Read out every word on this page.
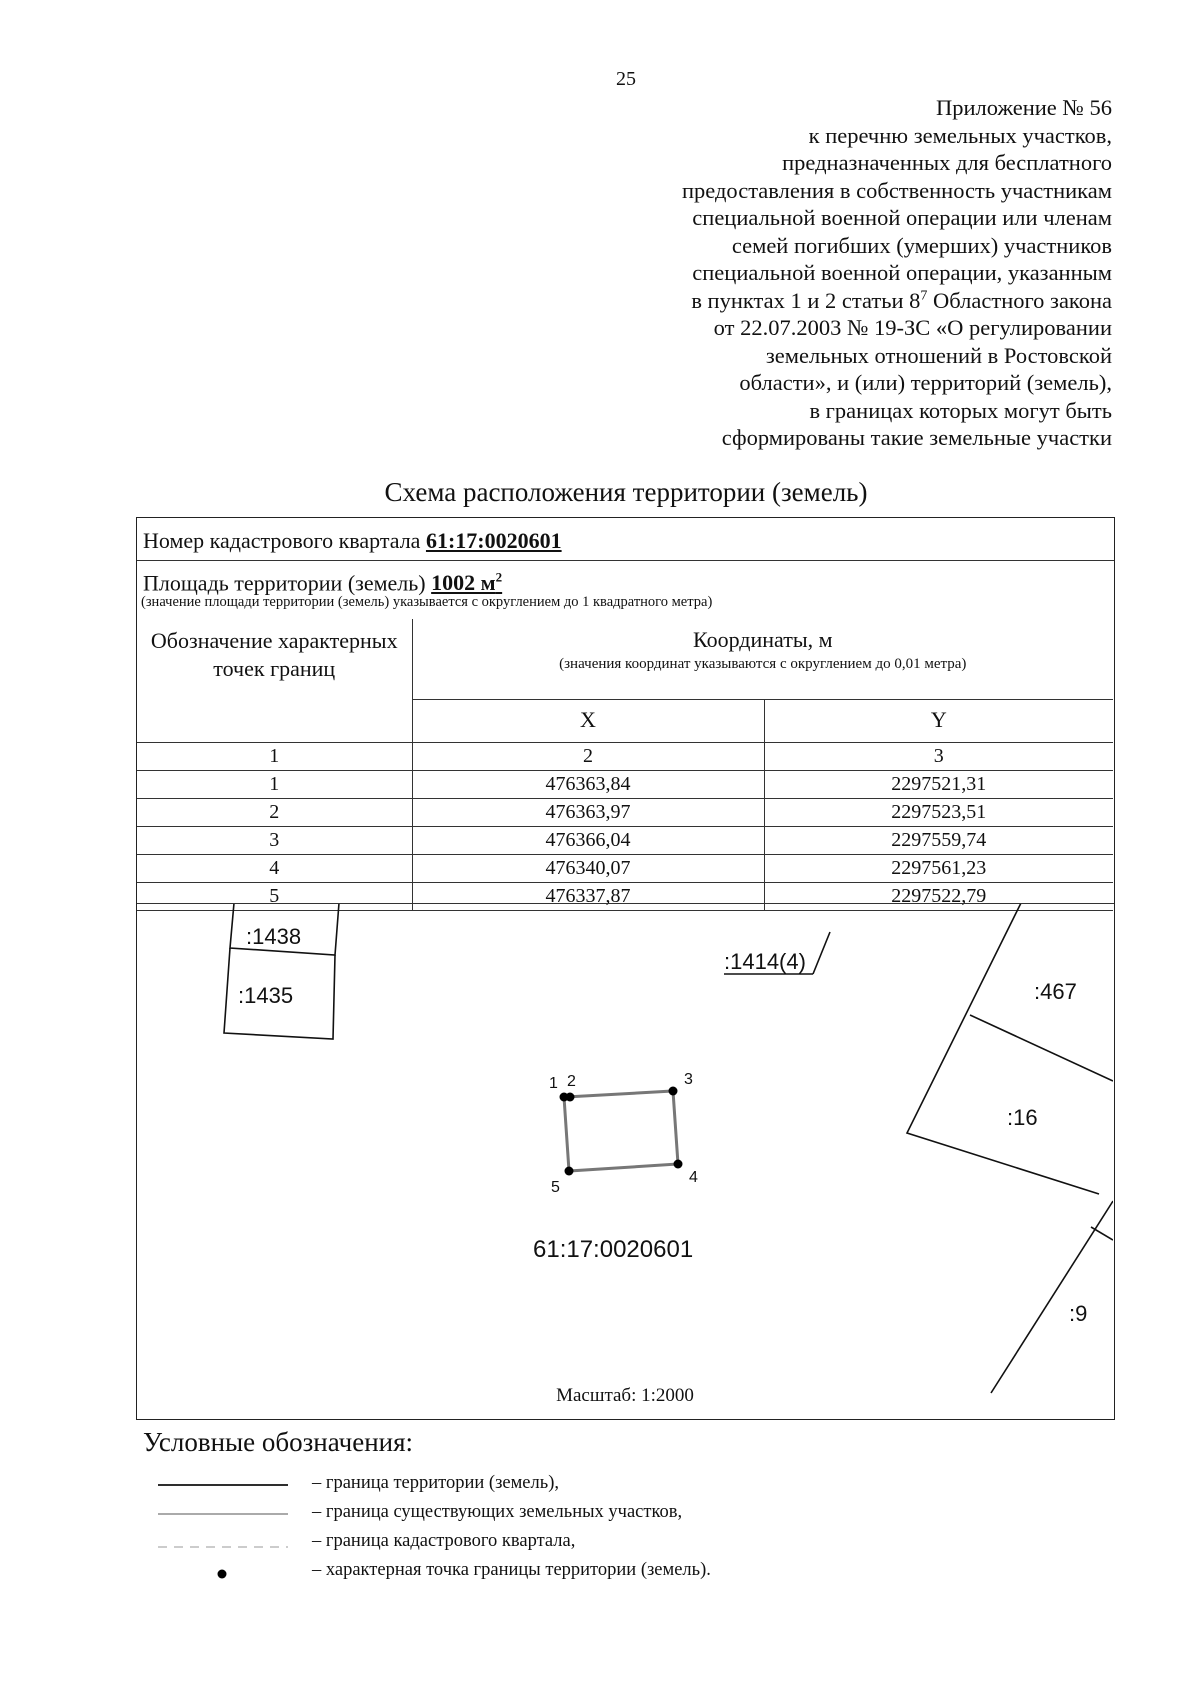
25
Приложение № 56
к перечню земельных участков,
предназначенных для бесплатного
предоставления в собственность участникам
специальной военной операции или членам
семей погибших (умерших) участников
специальной военной операции, указанным
в пунктах 1 и 2 статьи $8^7$ Областного закона
от 22.07.2003 № 19-ЗС «О регулировании
земельных отношений в Ростовской
области», и (или) территорий (земель),
в границах которых могут быть
сформированы такие земельные участки
Схема расположения территории (земель)
Номер кадастрового квартала 61:17:0020601
Площадь территории (земель) 1002 $м^2$
(значение площади территории (земель) указывается с округлением до 1 квадратного метра)
Обозначение характерных точек границ	Координаты, м
(значения координат указываются с округлением до 0,01 метра)	

	X	Y
1	2	3
1	476363,84	2297521,31
2	476363,97	2297523,51
3	476366,04	2297559,74
4	476340,07	2297561,23
5	476337,87	2297522,79
:1438
:1435
:1414(4)
:467
:16
:9
1 2	3
4
5
61:17:0020601
Масштаб: 1:2000
Условные обозначения:
– граница территории (земель),
– граница существующих земельных участков,
– граница кадастрового квартала,
– характерная точка границы территории (земель).
